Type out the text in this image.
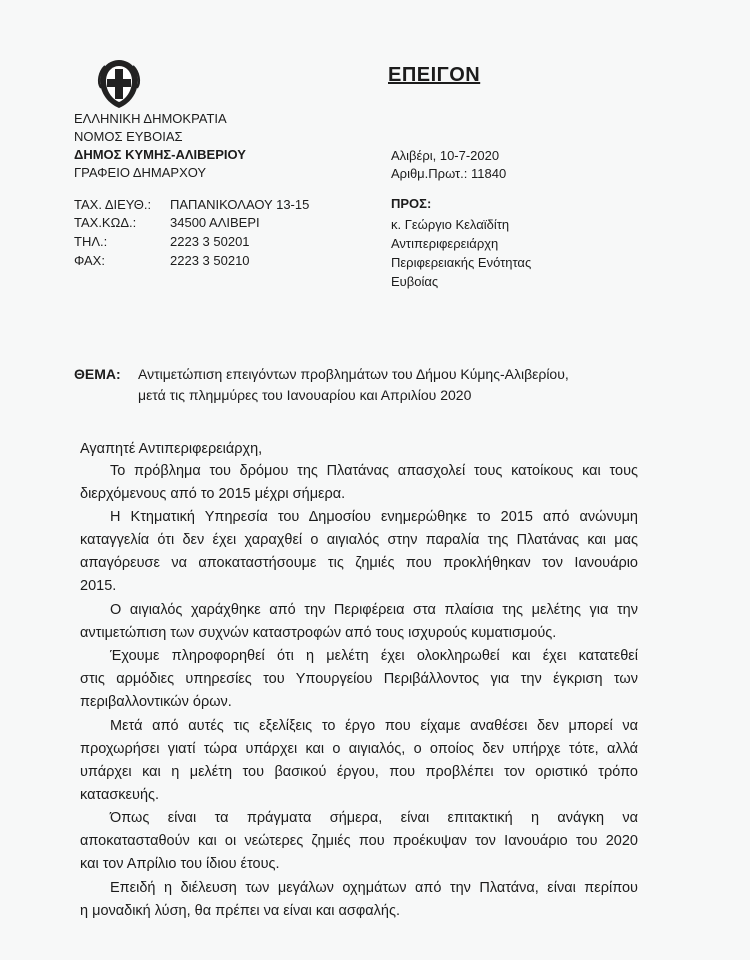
ΕΠΕΙΓΟΝ
ΕΛΛΗΝΙΚΗ ΔΗΜΟΚΡΑΤΙΑ
ΝΟΜΟΣ ΕΥΒΟΙΑΣ
ΔΗΜΟΣ ΚΥΜΗΣ-ΑΛΙΒΕΡΙΟΥ
ΓΡΑΦΕΙΟ ΔΗΜΑΡΧΟΥ
Αλιβέρι, 10-7-2020
Αριθμ.Πρωτ.: 11840
ΤΑΧ. ΔΙΕΥΘ.: ΠΑΠΑΝΙΚΟΛΑΟΥ 13-15
ΤΑΧ.ΚΩΔ.:	34500 ΑΛΙΒΕΡΙ
ΤΗΛ.:	2223 3 50201
ΦΑΧ:	2223 3 50210
ΠΡΟΣ:
κ. Γεώργιο Κελαϊδίτη
Αντιπεριφερειάρχη
Περιφερειακής Ενότητας
Ευβοίας
ΘΕΜΑ: Αντιμετώπιση επειγόντων προβλημάτων του Δήμου Κύμης-Αλιβερίου,
μετά τις πλημμύρες του Ιανουαρίου και Απριλίου 2020
Αγαπητέ Αντιπεριφερειάρχη,
Το πρόβλημα του δρόμου της Πλατάνας απασχολεί τους κατοίκους και τους
διερχόμενους από το 2015 μέχρι σήμερα.
Η Κτηματική Υπηρεσία του Δημοσίου ενημερώθηκε το 2015 από ανώνυμη
καταγγελία ότι δεν έχει χαραχθεί ο αιγιαλός στην παραλία της Πλατάνας και μας
απαγόρευσε να αποκαταστήσουμε τις ζημιές που προκλήθηκαν τον Ιανουάριο
2015.
Ο αιγιαλός χαράχθηκε από την Περιφέρεια στα πλαίσια της μελέτης για την
αντιμετώπιση των συχνών καταστροφών από τους ισχυρούς κυματισμούς.
Έχουμε πληροφορηθεί ότι η μελέτη έχει ολοκληρωθεί και έχει κατατεθεί
στις αρμόδιες υπηρεσίες του Υπουργείου Περιβάλλοντος για την έγκριση των
περιβαλλοντικών όρων.
Μετά από αυτές τις εξελίξεις το έργο που είχαμε αναθέσει δεν μπορεί να
προχωρήσει γιατί τώρα υπάρχει και ο αιγιαλός, ο οποίος δεν υπήρχε τότε, αλλά
υπάρχει και η μελέτη του βασικού έργου, που προβλέπει τον οριστικό τρόπο
κατασκευής.
Όπως είναι τα πράγματα σήμερα, είναι επιτακτική η ανάγκη να
αποκατασταθούν και οι νεώτερες ζημιές που προέκυψαν τον Ιανουάριο του 2020
και τον Απρίλιο του ίδιου έτους.
Επειδή η διέλευση των μεγάλων οχημάτων από την Πλατάνα, είναι περίπου
η μοναδική λύση, θα πρέπει να είναι και ασφαλής.
